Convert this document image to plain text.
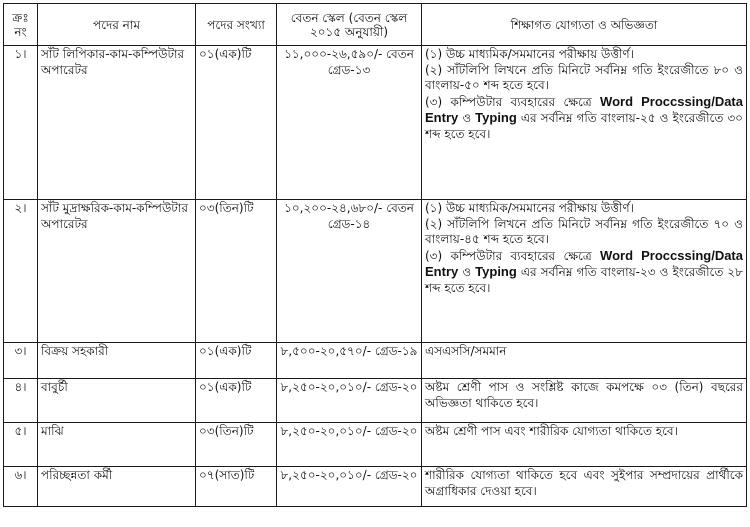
ক্রঃ নং	পদের নাম	পদের সংখ্যা	বেতন স্কেল (বেতন স্কেল ২০১৫ অনুযায়ী)	শিক্ষাগত যোগ্যতা ও অভিজ্ঞতা
১।	সাঁট লিপিকার-কাম-কম্পিউটার অপারেটর	০১(এক)টি	১১,০০০-২৬,৫৯০/- বেতন গ্রেড-১৩	(১) উচ্চ মাধ্যমিক/সমমানের পরীক্ষায় উত্তীর্ণ।
(২) সাঁটলিপি লিখনে প্রতি মিনিটে সর্বনিম্ন গতি ইংরেজীতে ৮০ ও বাংলায়-৫০ শব্দ হতে হবে।
(৩) কম্পিউটার ব্যবহারের ক্ষেত্রে Word Proccssing/Data Entry ও Typing এর সর্বনিম্ন গতি বাংলায়-২৫ ও ইংরেজীতে ৩০ শব্দ হতে হবে।

২।	সাঁট মুদ্রাক্ষরিক-কাম-কম্পিউটার অপারেটর	০৩(তিন)টি	১০,২০০-২৪,৬৮০/- বেতন গ্রেড-১৪	(১) উচ্চ মাধ্যমিক/সমমানের পরীক্ষায় উত্তীর্ণ।
(২) সাঁটলিপি লিখনে প্রতি মিনিটে সর্বনিম্ন গতি ইংরেজীতে ৭০ ও বাংলায়-৪৫ শব্দ হতে হবে।
(৩) কম্পিউটার ব্যবহারের ক্ষেত্রে Word Proccssing/Data Entry ও Typing এর সর্বনিম্ন গতি বাংলায়-২৩ ও ইংরেজীতে ২৮ শব্দ হতে হবে।

৩।	বিক্রয় সহকারী	০১(এক)টি	৮,৫০০-২০,৫৭০/- গ্রেড-১৯	এসএসসি/সমমান
৪।	বাবুর্চী	০১(এক)টি	৮,২৫০-২০,০১০/- গ্রেড-২০	অষ্টম শ্রেণী পাস ও সংশ্লিষ্ট কাজে কমপক্ষে ০৩ (তিন) বছরের অভিজ্ঞতা থাকিতে হবে।
৫।	মাঝি	০৩(তিন)টি	৮,২৫০-২০,০১০/- গ্রেড-২০	অষ্টম শ্রেণী পাস এবং শারীরিক যোগ্যতা থাকিতে হবে।
৬।	পরিচ্ছন্নতা কর্মী	০৭(সাত)টি	৮,২৫০-২০,০১০/- গ্রেড-২০	শারীরিক যোগ্যতা থাকিতে হবে এবং সুইপার সম্প্রদায়ের প্রার্থীকে অগ্রাধিকার দেওয়া হবে।
